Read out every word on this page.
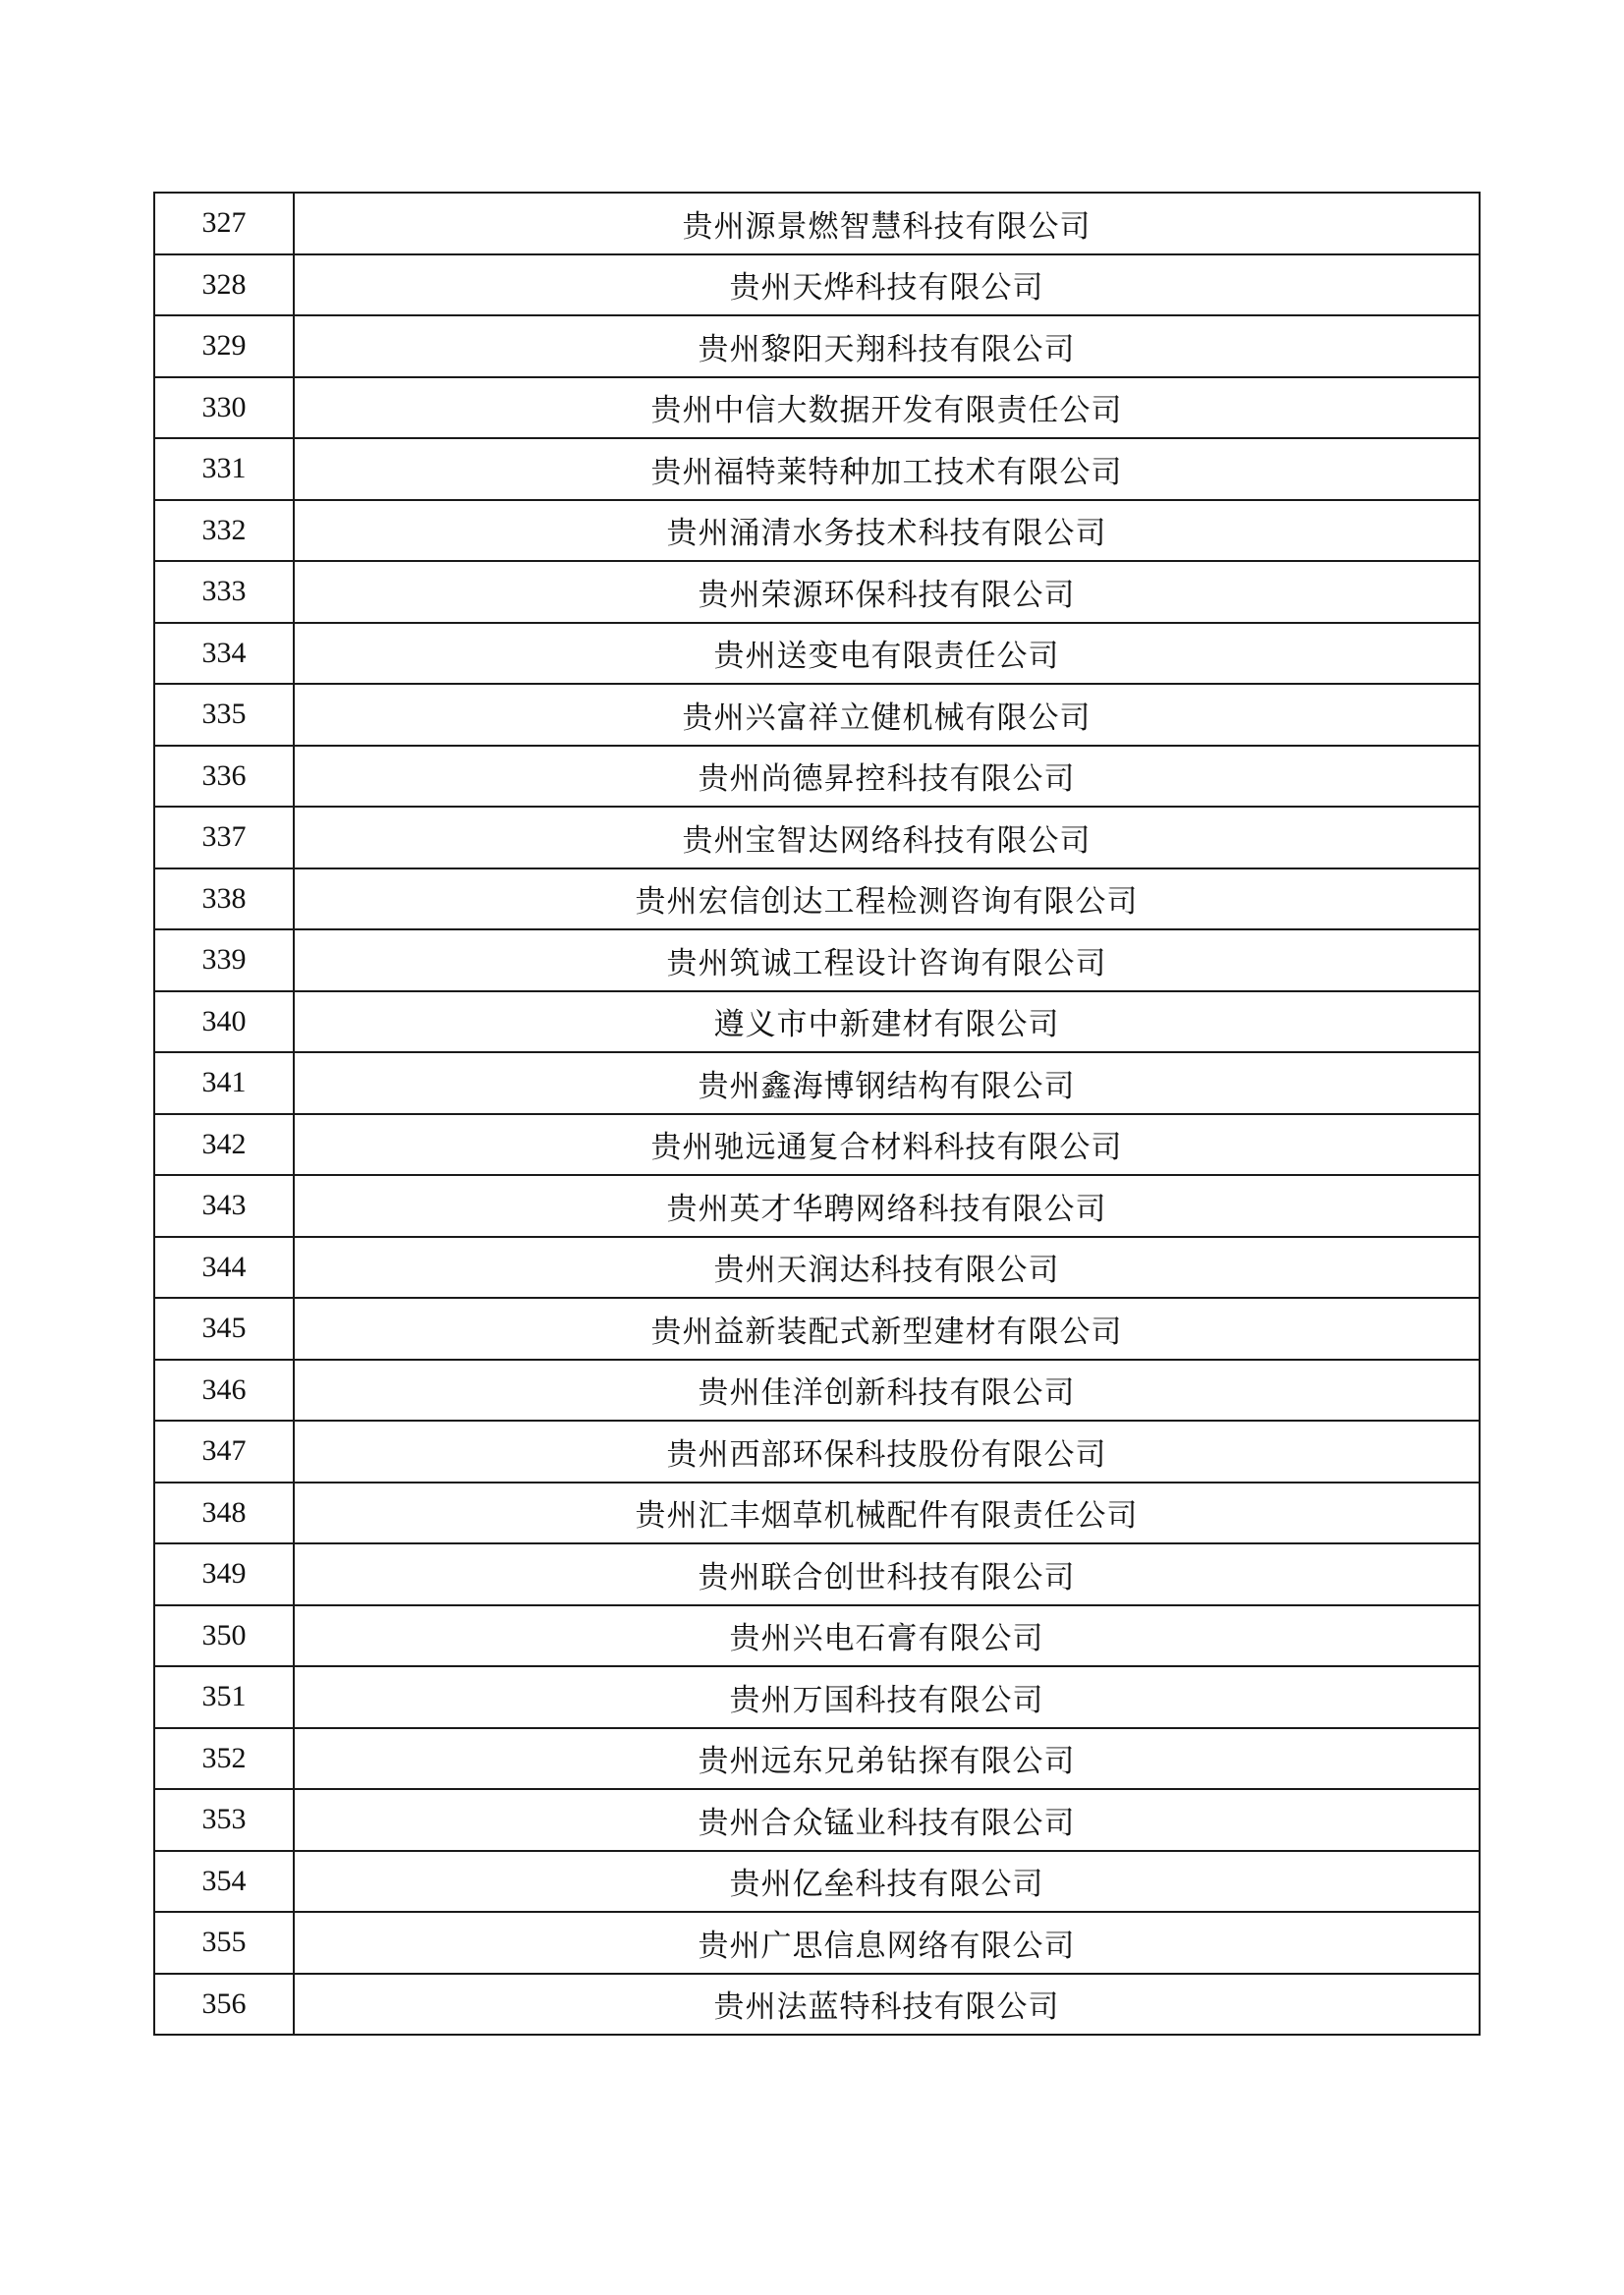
327	贵州源景燃智慧科技有限公司
328	贵州天烨科技有限公司
329	贵州黎阳天翔科技有限公司
330	贵州中信大数据开发有限责任公司
331	贵州福特莱特种加工技术有限公司
332	贵州涌清水务技术科技有限公司
333	贵州荣源环保科技有限公司
334	贵州送变电有限责任公司
335	贵州兴富祥立健机械有限公司
336	贵州尚德昇控科技有限公司
337	贵州宝智达网络科技有限公司
338	贵州宏信创达工程检测咨询有限公司
339	贵州筑诚工程设计咨询有限公司
340	遵义市中新建材有限公司
341	贵州鑫海博钢结构有限公司
342	贵州驰远通复合材料科技有限公司
343	贵州英才华聘网络科技有限公司
344	贵州天润达科技有限公司
345	贵州益新装配式新型建材有限公司
346	贵州佳洋创新科技有限公司
347	贵州西部环保科技股份有限公司
348	贵州汇丰烟草机械配件有限责任公司
349	贵州联合创世科技有限公司
350	贵州兴电石膏有限公司
351	贵州万国科技有限公司
352	贵州远东兄弟钻探有限公司
353	贵州合众锰业科技有限公司
354	贵州亿垒科技有限公司
355	贵州广思信息网络有限公司
356	贵州法蓝特科技有限公司
